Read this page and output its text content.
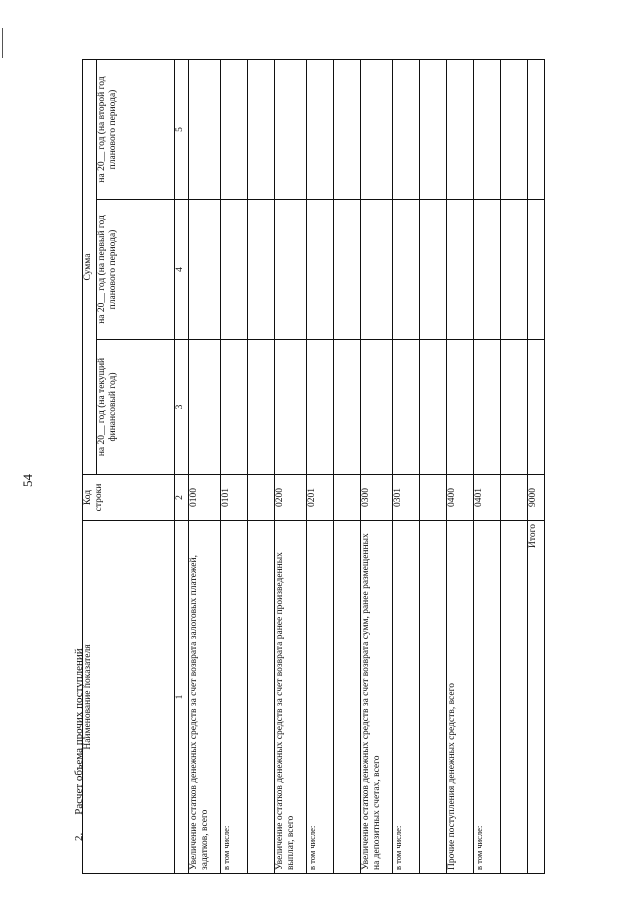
54
2.Расчет объема прочих поступлений
Наименование показателя	Код строки	Сумма		
		на 20__ год (на текущий финансовый год)	на 20__ год (на первый год планового периода)	на 20__ год (на второй год планового периода)
1	2	3	4	5
Увеличение остатков денежных средств за счет возврата залоговых платежей, задатков, всего	0100			
в том числе:	0101			

Увеличение остатков денежных средств за счет возврата ранее произведенных выплат, всего	0200			
в том числе:	0201			

Увеличение остатков денежных средств за счет возврата сумм, ранее размещенных на депозитных счетах, всего	0300			
в том числе:	0301			

Прочие поступления денежных средств, всего	0400			
в том числе:	0401			

Итого	9000			
